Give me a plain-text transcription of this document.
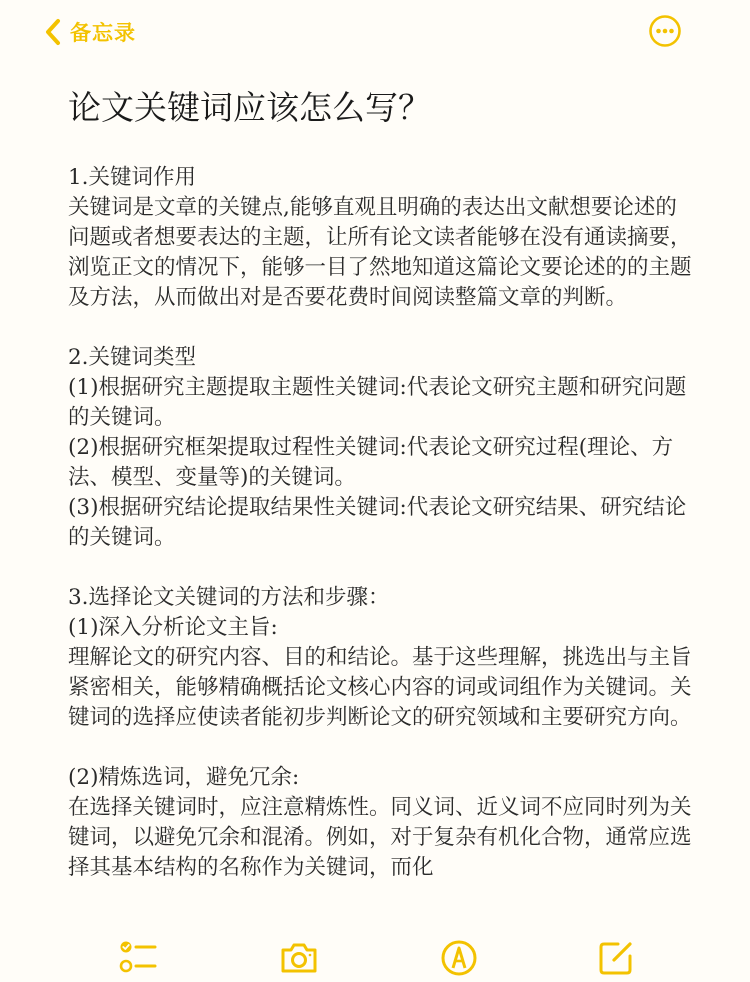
备忘录
论文关键词应该怎么写？

1.关键词作用

关键词是文章的关键点,能够直观且明确的表达出文献想要论述的问题或者想要表达的主题，让所有论文读者能够在没有通读摘要，浏览正文的情况下，能够一目了然地知道这篇论文要论述的的主题及方法，从而做出对是否要花费时间阅读整篇文章的判断。

2.关键词类型

(1)根据研究主题提取主题性关键词:代表论文研究主题和研究问题的关键词。

(2)根据研究框架提取过程性关键词:代表论文研究过程(理论、方法、模型、变量等)的关键词。

(3)根据研究结论提取结果性关键词:代表论文研究结果、研究结论的关键词。

3.选择论文关键词的方法和步骤：

(1)深入分析论文主旨:

理解论文的研究内容、目的和结论。基于这些理解，挑选出与主旨紧密相关，能够精确概括论文核心内容的词或词组作为关键词。关键词的选择应使读者能初步判断论文的研究领域和主要研究方向。

(2)精炼选词，避免冗余:

在选择关键词时，应注意精炼性。同义词、近义词不应同时列为关键词，以避免冗余和混淆。例如，对于复杂有机化合物，通常应选择其基本结构的名称作为关键词，而化
